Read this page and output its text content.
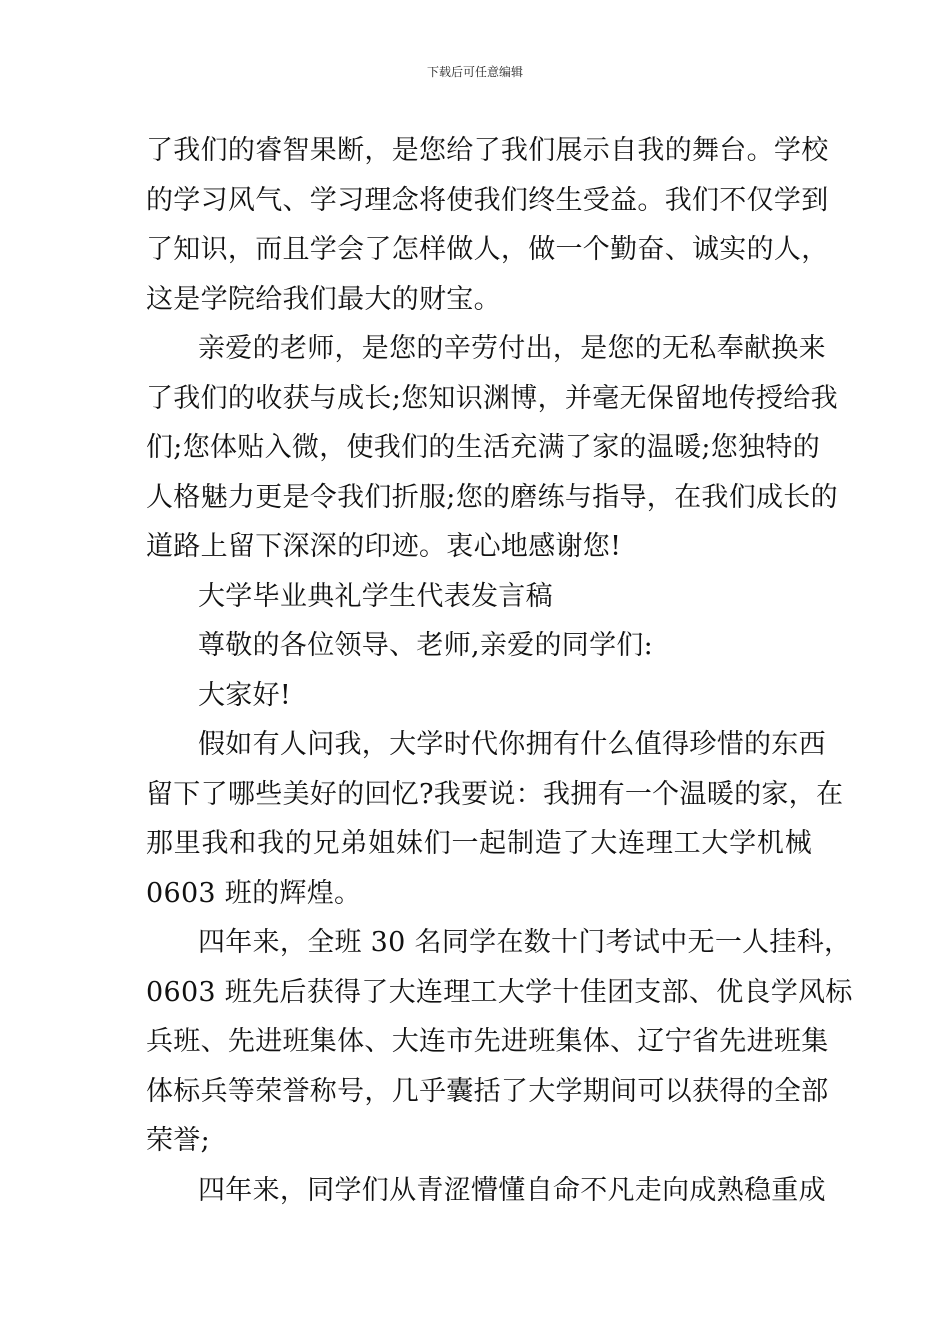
下载后可任意编辑
了我们的睿智果断，是您给了我们展示自我的舞台。学校
的学习风气、学习理念将使我们终生受益。我们不仅学到
了知识，而且学会了怎样做人，做一个勤奋、诚实的人，
这是学院给我们最大的财宝。
亲爱的老师，是您的辛劳付出，是您的无私奉献换来
了我们的收获与成长;您知识渊博，并毫无保留地传授给我
们;您体贴入微，使我们的生活充满了家的温暖;您独特的
人格魅力更是令我们折服;您的磨练与指导，在我们成长的
道路上留下深深的印迹。衷心地感谢您!
大学毕业典礼学生代表发言稿
尊敬的各位领导、老师,亲爱的同学们:
大家好!
假如有人问我，大学时代你拥有什么值得珍惜的东西
留下了哪些美好的回忆?我要说：我拥有一个温暖的家，在
那里我和我的兄弟姐妹们一起制造了大连理工大学机械
0603 班的辉煌。
四年来，全班 30 名同学在数十门考试中无一人挂科，
0603 班先后获得了大连理工大学十佳团支部、优良学风标
兵班、先进班集体、大连市先进班集体、辽宁省先进班集
体标兵等荣誉称号，几乎囊括了大学期间可以获得的全部
荣誉;
四年来，同学们从青涩懵懂自命不凡走向成熟稳重成
